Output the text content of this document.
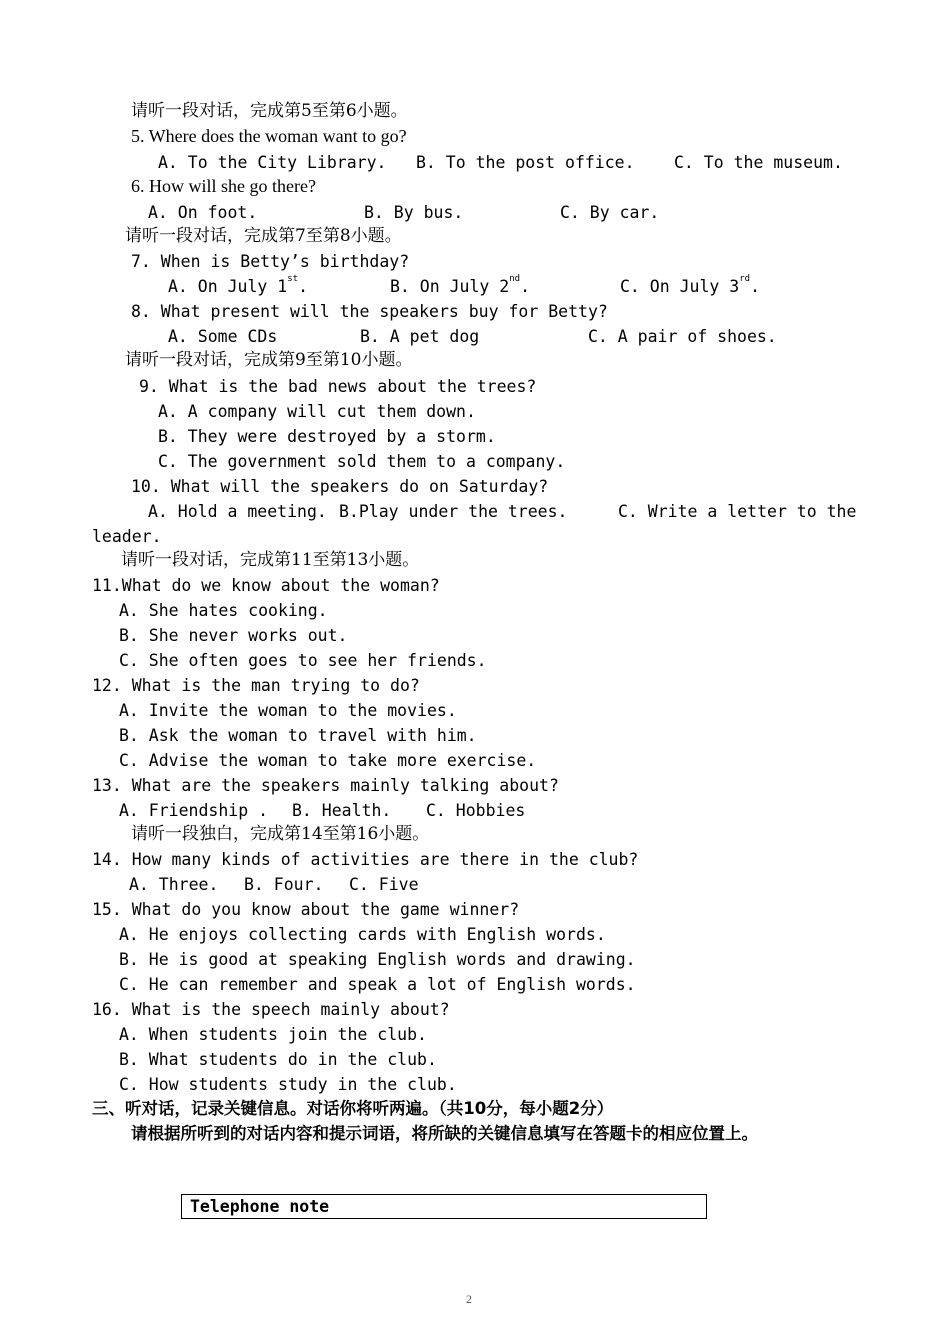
请听一段对话，完成第5至第6小题。
5. Where does the woman want to go?
A. To the City Library. B. To the post office. C. To the museum.
6. How will she go there?
A. On foot.	B. By bus.	C. By car.
请听一段对话，完成第7至第8小题。
7. When is Betty’s birthday?
A. On July 1st.	B. On July 2nd.	C. On July 3rd.
8. What present will the speakers buy for Betty?
A. Some CDs	B. A pet dog	C. A pair of shoes.
请听一段对话，完成第9至第10小题。
9. What is the bad news about the trees?
A. A company will cut them down.
B. They were destroyed by a storm.
C. The government sold them to a company.
10. What will the speakers do on Saturday?
A. Hold a meeting. B.Play under the trees.	C. Write a letter to the
leader.
请听一段对话，完成第11至第13小题。
11.What do we know about the woman?
A. She hates cooking.
B. She never works out.
C. She often goes to see her friends.
12. What is the man trying to do?
A. Invite the woman to the movies.
B. Ask the woman to travel with him.
C. Advise the woman to take more exercise.
13. What are the speakers mainly talking about?
A. Friendship . B. Health. C. Hobbies
请听一段独白，完成第14至第16小题。
14. How many kinds of activities are there in the club?
A. Three. B. Four. C. Five
15. What do you know about the game winner?
A. He enjoys collecting cards with English words.
B. He is good at speaking English words and drawing.
C. He can remember and speak a lot of English words.
16. What is the speech mainly about?
A. When students join the club.
B. What students do in the club.
C. How students study in the club.
三、听对话，记录关键信息。对话你将听两遍。（共10分，每小题2分）
请根据所听到的对话内容和提示词语，将所缺的关键信息填写在答题卡的相应位置上。
Telephone note
2
